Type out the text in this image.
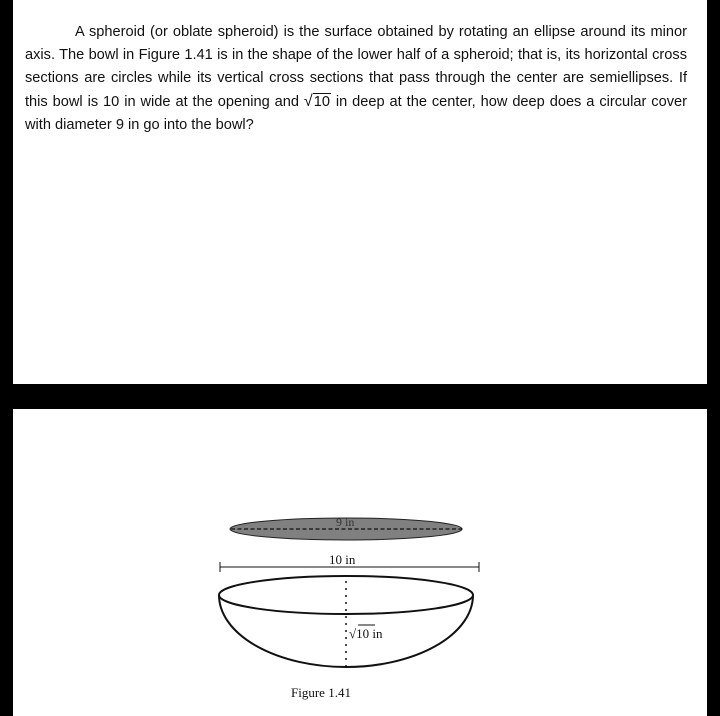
A spheroid (or oblate spheroid) is the surface obtained by rotating an ellipse around its minor axis. The bowl in Figure 1.41 is in the shape of the lower half of a spheroid; that is, its horizontal cross sections are circles while its vertical cross sections that pass through the center are semiellipses. If this bowl is 10 in wide at the opening and √10 in deep at the center, how deep does a circular cover with diameter 9 in go into the bowl?

9 in
10 in
√10 in
Figure 1.41
